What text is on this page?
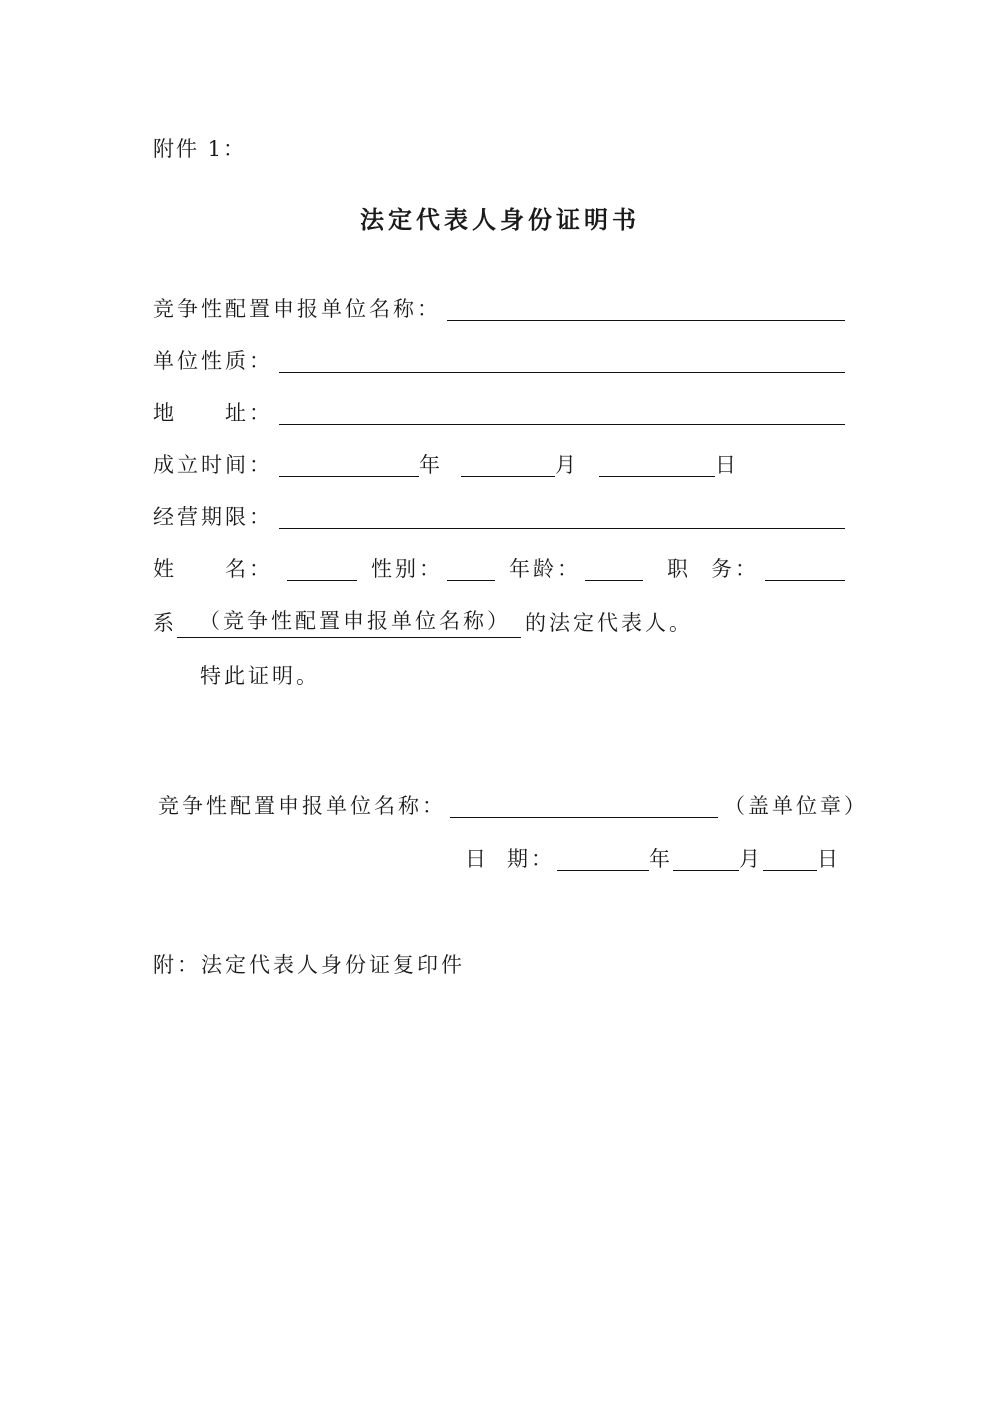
附件 1：
法定代表人身份证明书
竞争性配置申报单位名称：
单位性质：
地 址：
成立时间：	年	月	日
经营期限：
姓 名：	性别：	年龄：	职 务：
系	（竞争性配置申报单位名称） 的法定代表人。
特此证明。
竞争性配置申报单位名称：	（盖单位章）
日 期：	年	月	日
附：法定代表人身份证复印件
